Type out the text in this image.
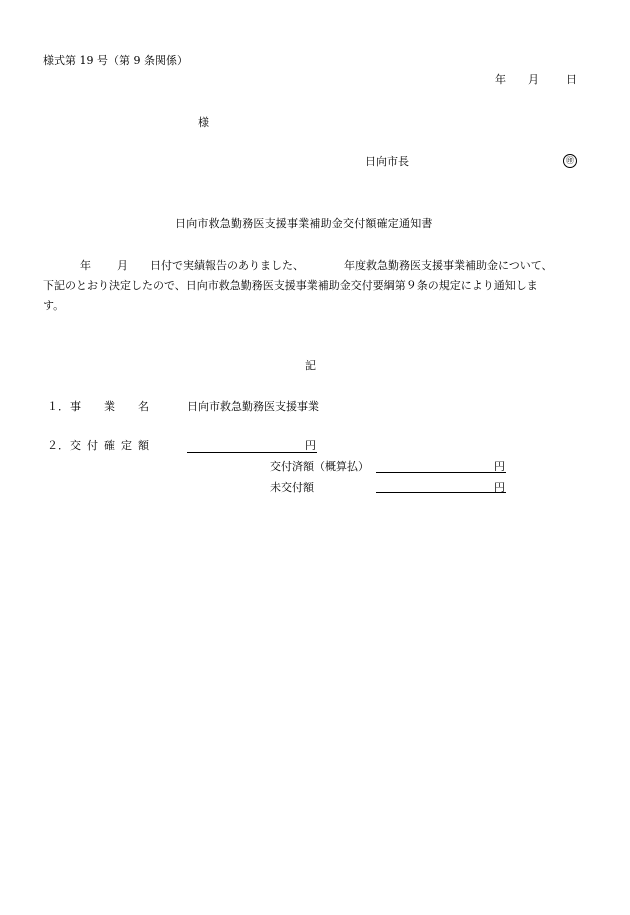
様式第 19 号（第 9 条関係）
年 月 日
様
日向市長	㊞
日向市救急勤務医支援事業補助金交付額確定通知書
年 月 日付で実績報告のありました、	年度救急勤務医支援事業補助金について、
下記のとおり決定したので、日向市救急勤務医支援事業補助金交付要綱第９条の規定により通知しま
す。
記
１． 事業名 日向市救急勤務医支援事業
２． 交付確定額	円
交付済額（概算払）	円
未交付額	円
